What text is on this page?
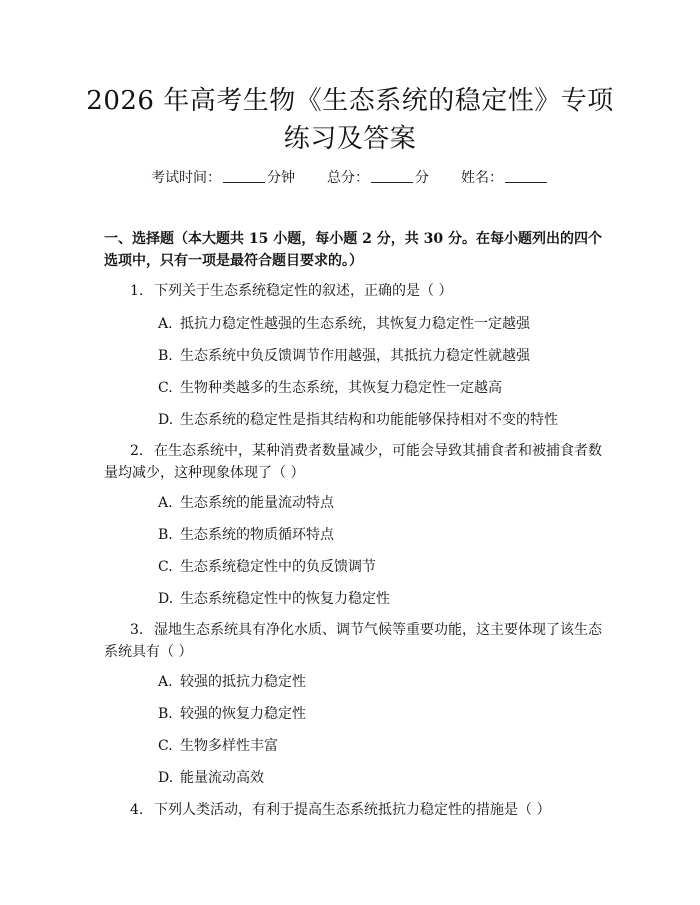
2026 年高考生物《生态系统的稳定性》专项
练习及答案
考试时间：	分钟 总分：	分 姓名：
一、选择题（本大题共 15 小题，每小题 2 分，共 30 分。在每小题列出的四个选项中，只有一项是最符合题目要求的。）
1. 下列关于生态系统稳定性的叙述，正确的是（ ）
A. 抵抗力稳定性越强的生态系统，其恢复力稳定性一定越强
B. 生态系统中负反馈调节作用越强，其抵抗力稳定性就越强
C. 生物种类越多的生态系统，其恢复力稳定性一定越高
D. 生态系统的稳定性是指其结构和功能能够保持相对不变的特性
2. 在生态系统中，某种消费者数量减少，可能会导致其捕食者和被捕食者数量均减少，这种现象体现了（ ）
A. 生态系统的能量流动特点
B. 生态系统的物质循环特点
C. 生态系统稳定性中的负反馈调节
D. 生态系统稳定性中的恢复力稳定性
3. 湿地生态系统具有净化水质、调节气候等重要功能，这主要体现了该生态系统具有（ ）
A. 较强的抵抗力稳定性
B. 较强的恢复力稳定性
C. 生物多样性丰富
D. 能量流动高效
4. 下列人类活动，有利于提高生态系统抵抗力稳定性的措施是（ ）
